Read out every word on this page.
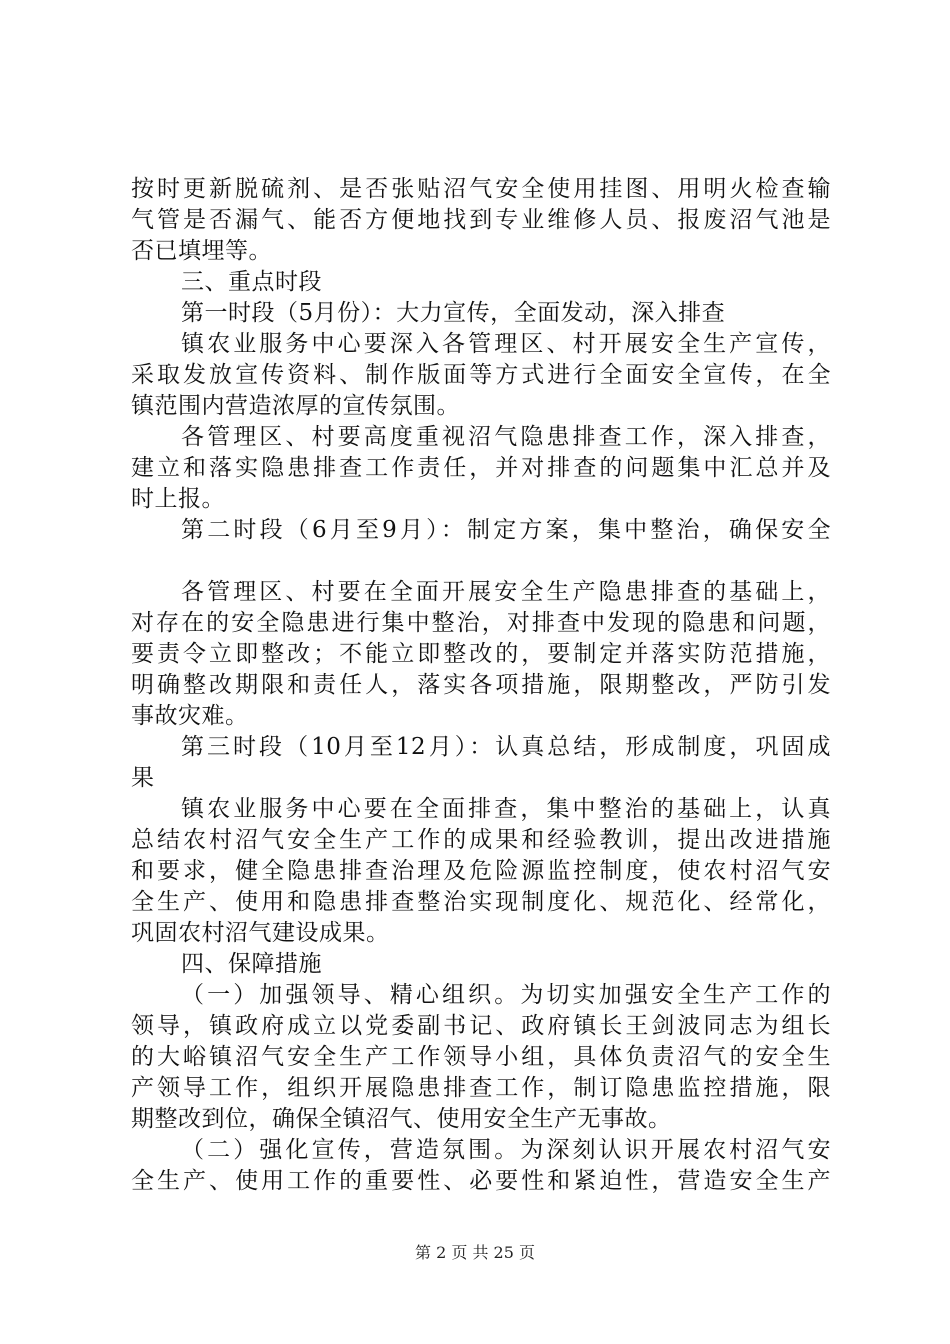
按时更新脱硫剂、是否张贴沼气安全使用挂图、用明火检查输
气管是否漏气、能否方便地找到专业维修人员、报废沼气池是
否已填埋等。
三、重点时段
第一时段（5月份）：大力宣传，全面发动，深入排查
镇农业服务中心要深入各管理区、村开展安全生产宣传，
采取发放宣传资料、制作版面等方式进行全面安全宣传，在全
镇范围内营造浓厚的宣传氛围。
各管理区、村要高度重视沼气隐患排查工作，深入排查，
建立和落实隐患排查工作责任，并对排查的问题集中汇总并及
时上报。
第二时段（6月至9月）：制定方案，集中整治，确保安全
各管理区、村要在全面开展安全生产隐患排查的基础上，
对存在的安全隐患进行集中整治，对排查中发现的隐患和问题，
要责令立即整改；不能立即整改的，要制定并落实防范措施，
明确整改期限和责任人，落实各项措施，限期整改，严防引发
事故灾难。
第三时段（10月至12月）：认真总结，形成制度，巩固成
果
镇农业服务中心要在全面排查，集中整治的基础上，认真
总结农村沼气安全生产工作的成果和经验教训，提出改进措施
和要求，健全隐患排查治理及危险源监控制度，使农村沼气安
全生产、使用和隐患排查整治实现制度化、规范化、经常化，
巩固农村沼气建设成果。
四、保障措施
（一）加强领导、精心组织。为切实加强安全生产工作的
领导，镇政府成立以党委副书记、政府镇长王剑波同志为组长
的大峪镇沼气安全生产工作领导小组，具体负责沼气的安全生
产领导工作，组织开展隐患排查工作，制订隐患监控措施，限
期整改到位，确保全镇沼气、使用安全生产无事故。
（二）强化宣传，营造氛围。为深刻认识开展农村沼气安
全生产、使用工作的重要性、必要性和紧迫性，营造安全生产
第 2 页 共 25 页
